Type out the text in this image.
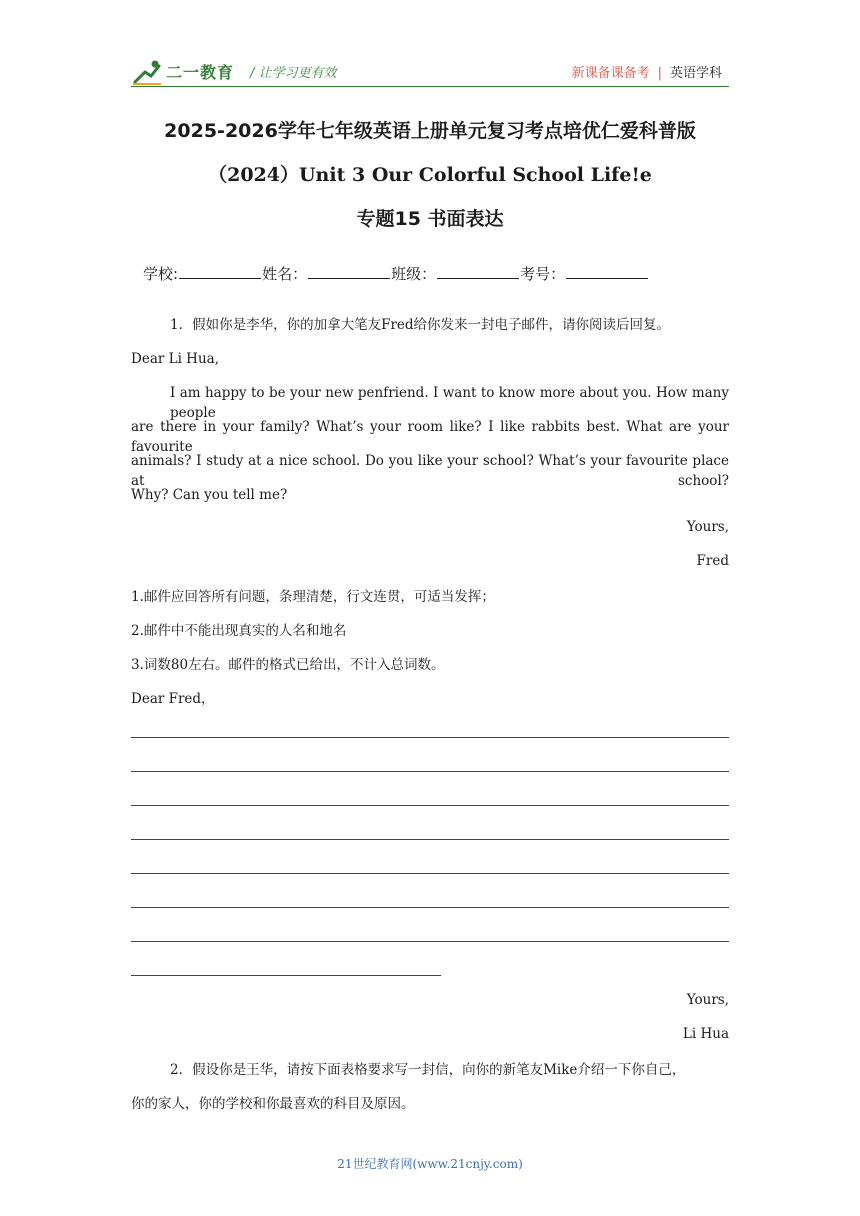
二一教育 / 让学习更有效	新课备课备考 | 英语学科
2025-2026学年七年级英语上册单元复习考点培优仁爱科普版
（2024）Unit 3 Our Colorful School Life!e
专题15 书面表达
学校:	姓名：	班级：	考号：
1．假如你是李华，你的加拿大笔友Fred给你发来一封电子邮件，请你阅读后回复。
Dear Li Hua,
I am happy to be your new penfriend. I want to know more about you. How many people
are there in your family? What’s your room like? I like rabbits best. What are your favourite
animals? I study at a nice school. Do you like your school? What’s your favourite place at school?
Why? Can you tell me?
Yours,
Fred
1.邮件应回答所有问题，条理清楚，行文连贯，可适当发挥；
2.邮件中不能出现真实的人名和地名
3.词数80左右。邮件的格式已给出，不计入总词数。
Dear Fred，
Yours,
Li Hua
2．假设你是王华，请按下面表格要求写一封信，向你的新笔友Mike介绍一下你自己，
你的家人，你的学校和你最喜欢的科目及原因。
21世纪教育网(www.21cnjy.com)
